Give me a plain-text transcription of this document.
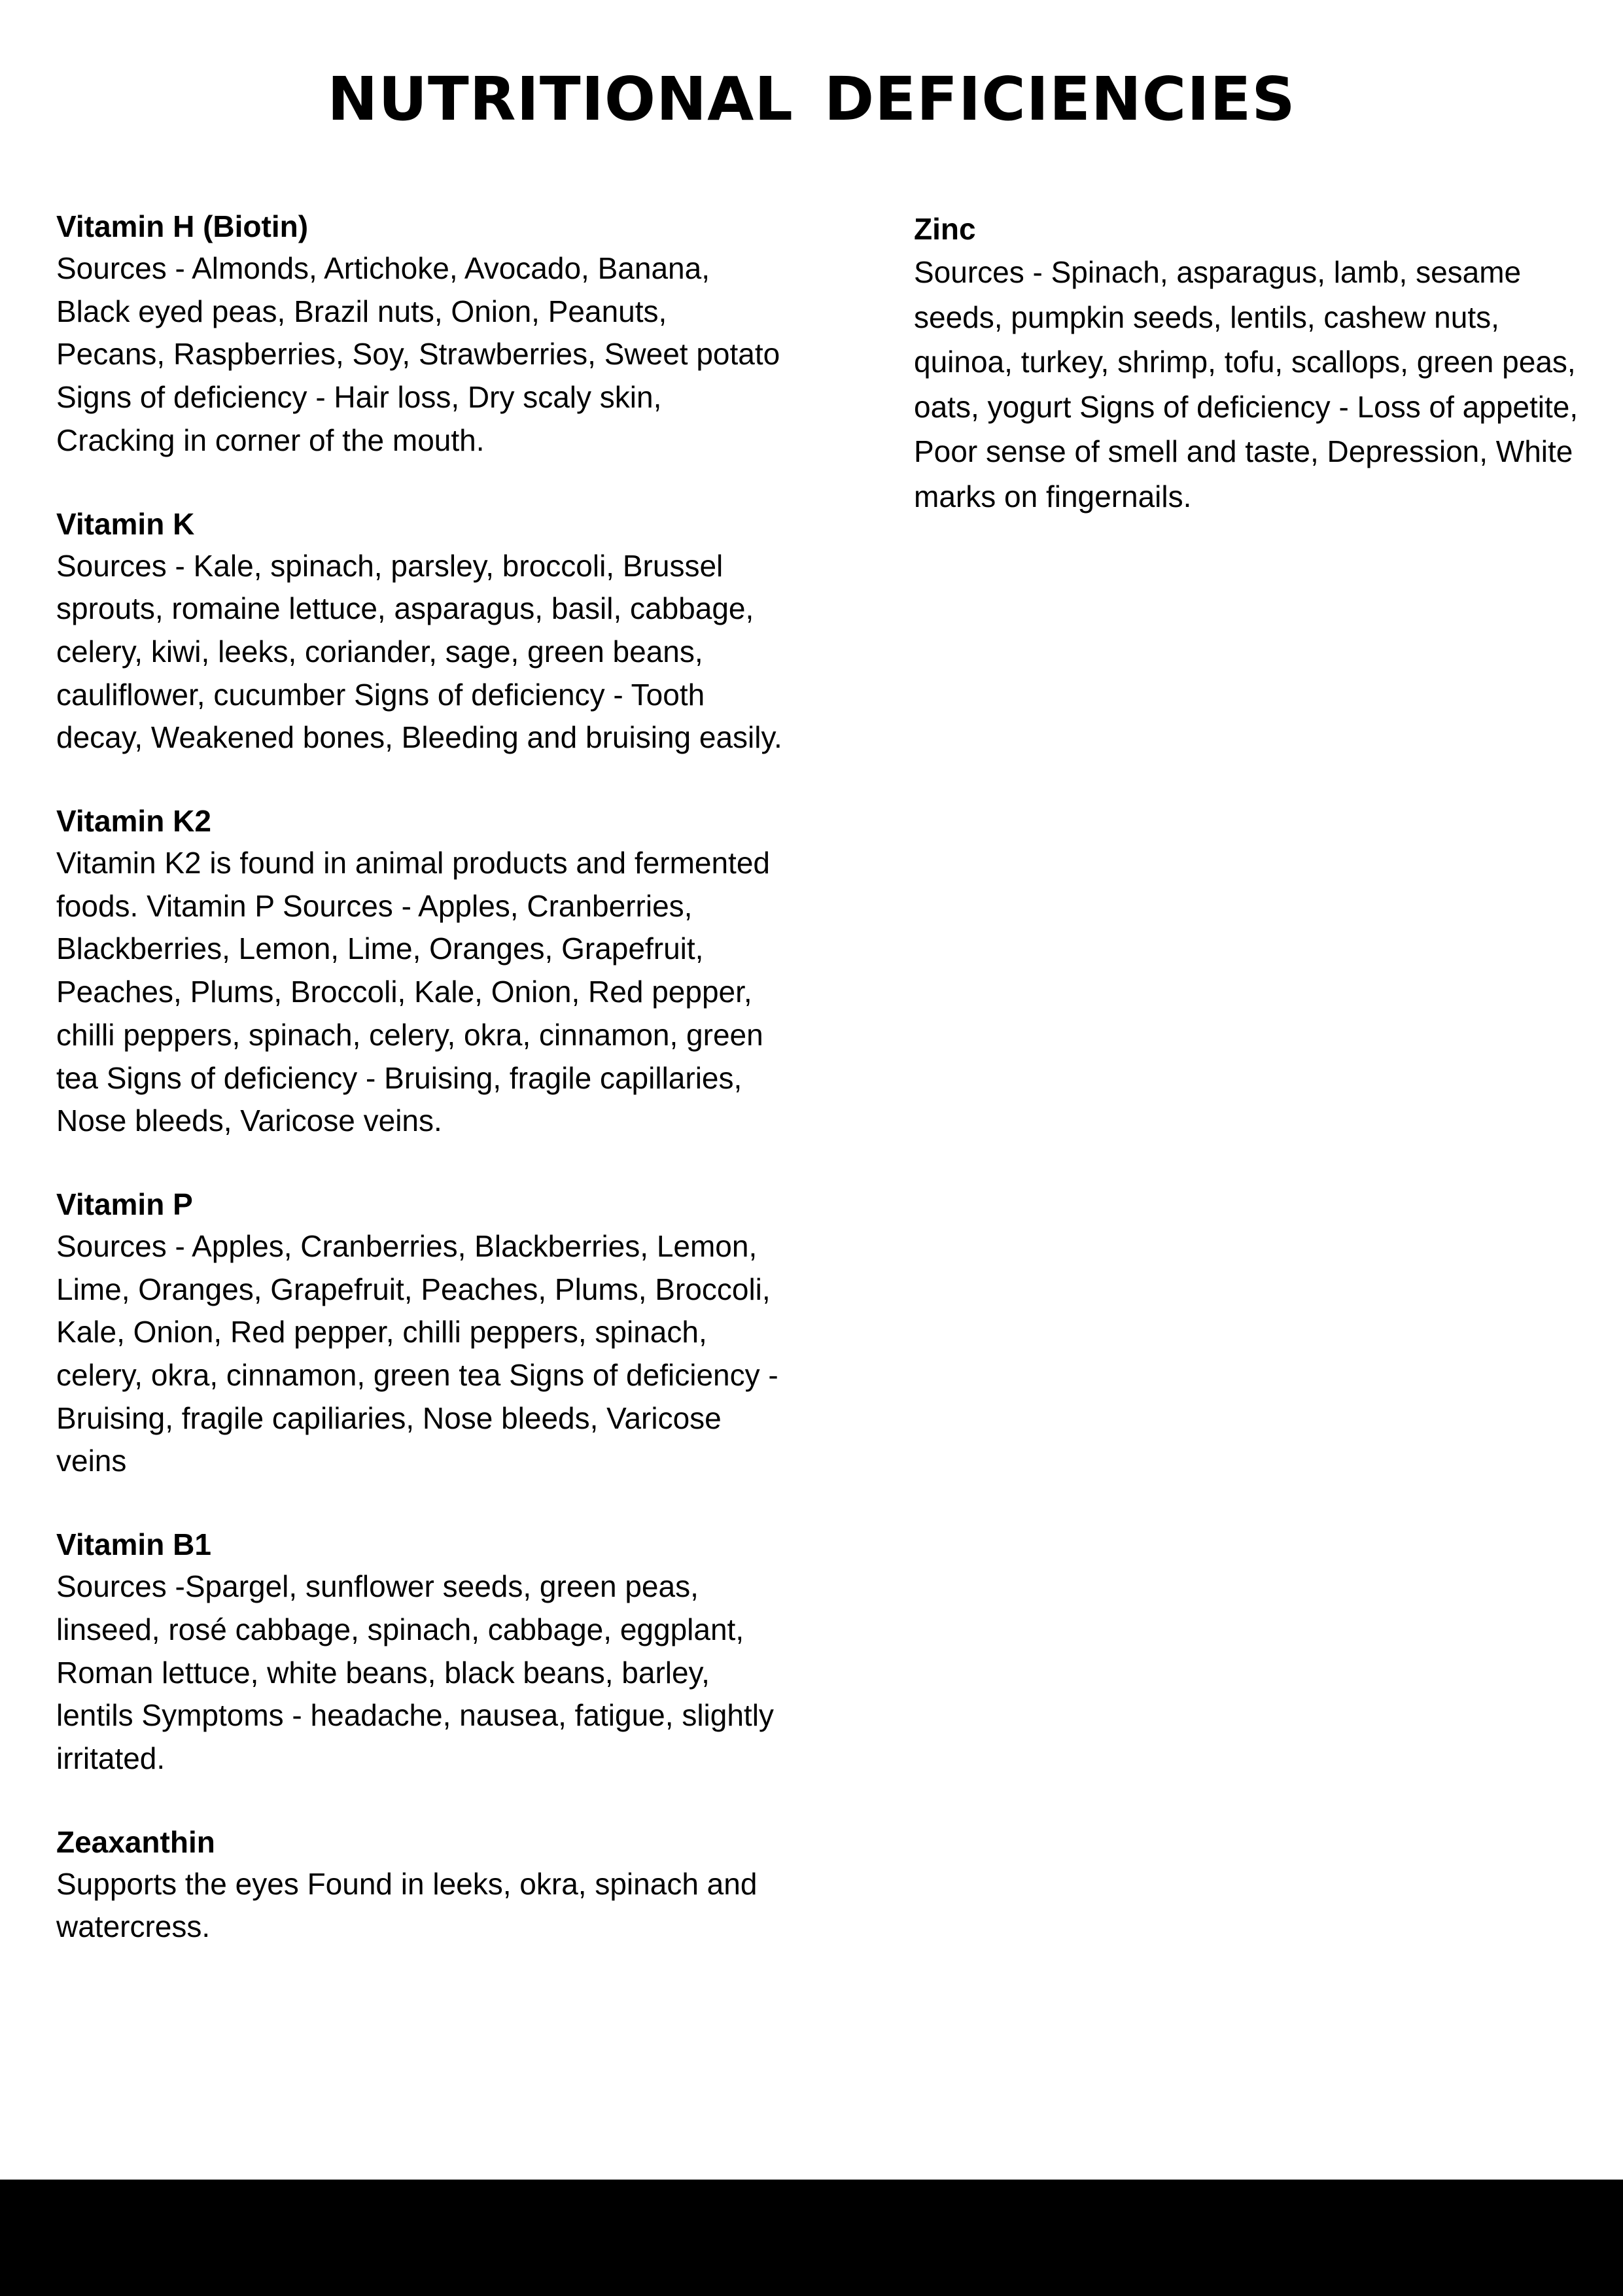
NUTRITIONAL DEFICIENCIES
Vitamin H (Biotin)

Sources - Almonds, Artichoke, Avocado, Banana, Black eyed peas, Brazil nuts, Onion, Peanuts, Pecans, Raspberries, Soy, Strawberries, Sweet potato Signs of deficiency - Hair loss, Dry scaly skin, Cracking in corner of the mouth.

Vitamin K

Sources - Kale, spinach, parsley, broccoli, Brussel sprouts, romaine lettuce, asparagus, basil, cabbage, celery, kiwi, leeks, coriander, sage, green beans, cauliflower, cucumber Signs of deficiency - Tooth decay, Weakened bones, Bleeding and bruising easily.

Vitamin K2

Vitamin K2 is found in animal products and fermented foods. Vitamin P Sources - Apples, Cranberries, Blackberries, Lemon, Lime, Oranges, Grapefruit, Peaches, Plums, Broccoli, Kale, Onion, Red pepper, chilli peppers, spinach, celery, okra, cinnamon, green tea Signs of deficiency - Bruising, fragile capillaries, Nose bleeds, Varicose veins.

Vitamin P

Sources - Apples, Cranberries, Blackberries, Lemon, Lime, Oranges, Grapefruit, Peaches, Plums, Broccoli, Kale, Onion, Red pepper, chilli peppers, spinach, celery, okra, cinnamon, green tea Signs of deficiency - Bruising, fragile capiliaries, Nose bleeds, Varicose veins

Vitamin B1

Sources -Spargel, sunflower seeds, green peas, linseed, rosé cabbage, spinach, cabbage, eggplant, Roman lettuce, white beans, black beans, barley, lentils Symptoms - headache, nausea, fatigue, slightly irritated.

Zeaxanthin

Supports the eyes Found in leeks, okra, spinach and watercress.

Zinc

Sources - Spinach, asparagus, lamb, sesame seeds, pumpkin seeds, lentils, cashew nuts, quinoa, turkey, shrimp, tofu, scallops, green peas, oats, yogurt Signs of deficiency - Loss of appetite, Poor sense of smell and taste, Depression, White marks on fingernails.
